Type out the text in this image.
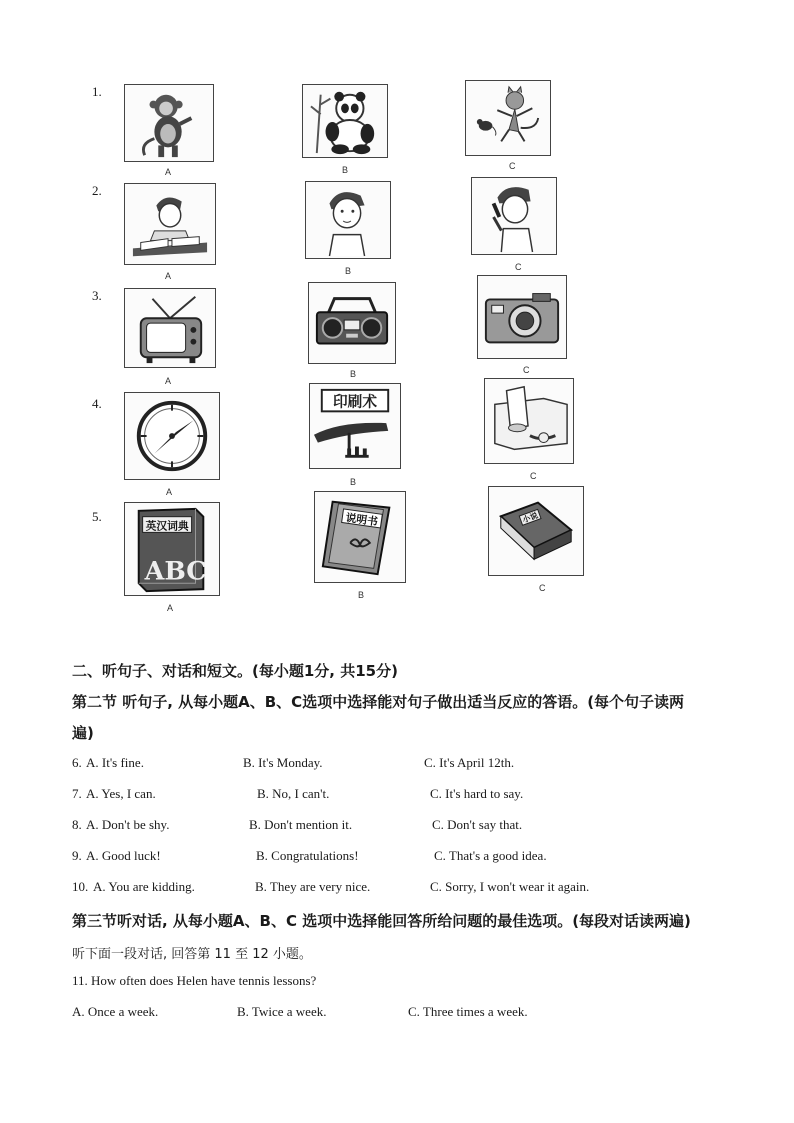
1.
A	B	C
2.
A	B	C
3.
A
B	C
4.
A
印刷术
B
C
5.
英汉词典
ABC
A
说明书
B
小说
C
二、听句子、对话和短文。(每小题1分, 共15分)
第二节 听句子, 从每小题A、B、C选项中选择能对句子做出适当反应的答语。(每个句子读两
遍)
6. A. It's fine.	B. It's Monday.	C. It's April 12th.
7. A. Yes, I can.	B. No, I can't.	C. It's hard to say.
8. A. Don't be shy.	B. Don't mention it.	C. Don't say that.
9. A. Good luck!	B. Congratulations!	C. That's a good idea.
10. A. You are kidding.	B. They are very nice.	C. Sorry, I won't wear it again.
第三节听对话, 从每小题A、B、C 选项中选择能回答所给问题的最佳选项。(每段对话读两遍)
听下面一段对话, 回答第 11 至 12 小题。
11. How often does Helen have tennis lessons?
A. Once a week.	B. Twice a week.	C. Three times a week.
